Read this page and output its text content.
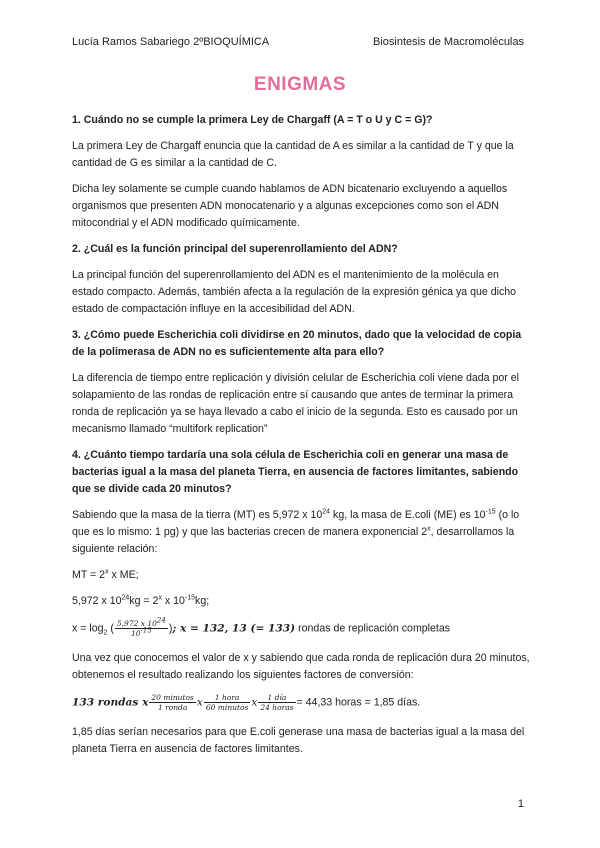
Lucía Ramos Sabariego 2ºBIOQUÍMICA	Biosintesis de Macromoléculas
ENIGMAS
1. Cuándo no se cumple la primera Ley de Chargaff (A = T o U y C = G)?
La primera Ley de Chargaff enuncia que la cantidad de A es similar a la cantidad de T y que la cantidad de G es similar a la cantidad de C.
Dicha ley solamente se cumple cuando hablamos de ADN bicatenario excluyendo a aquellos organismos que presenten ADN monocatenario y a algunas excepciones como son el ADN mitocondrial y el ADN modificado químicamente.
2. ¿Cuál es la función principal del superenrollamiento del ADN?
La principal función del superenrollamiento del ADN es el mantenimiento de la molécula en estado compacto. Además, también afecta a la regulación de la expresión génica ya que dicho estado de compactación influye en la accesibilidad del ADN.
3. ¿Cómo puede Escherichia coli dividirse en 20 minutos, dado que la velocidad de copia de la polimerasa de ADN no es suficientemente alta para ello?
La diferencia de tiempo entre replicación y división celular de Escherichia coli viene dada por el solapamiento de las rondas de replicación entre sí causando que antes de terminar la primera ronda de replicación ya se haya llevado a cabo el inicio de la segunda. Esto es causado por un mecanismo llamado “multifork replication”
4. ¿Cuánto tiempo tardaría una sola célula de Escherichia coli en generar una masa de bacterias igual a la masa del planeta Tierra, en ausencia de factores limitantes, sabiendo que se divide cada 20 minutos?
Sabiendo que la masa de la tierra (MT) es 5,972 x $10^{24}$ kg, la masa de E.coli (ME) es $10^{-15}$ (o lo que es lo mismo: 1 pg) y que las bacterias crecen de manera exponencial 2$^x$, desarrollamos la siguiente relación:
MT = $2^x$ x ME;
5,972 x $10^{24}kg = 2^x$ x $10^{-15}kg$;
$x = \log_2$ ( $\frac{5,972 x 10^{24}}{10^{-15}}$ ); x = 132, 13 (= 133) rondas de replicación completas
Una vez que conocemos el valor de x y sabiendo que cada ronda de replicación dura 20 minutos, obtenemos el resultado realizando los siguientes factores de conversión:
133 rondas x $\frac{\text{20 minutos}}{\text{1 ronda}}$ x $\frac{\text{1 hora}}{\text{60 minutos}}$ x $\frac{\text{1 día}}{\text{24 horas}} = 44,33$ horas = 1,85 días.
1,85 días serían necesarios para que E.coli generase una masa de bacterias igual a la masa del planeta Tierra en ausencia de factores limitantes.
1
